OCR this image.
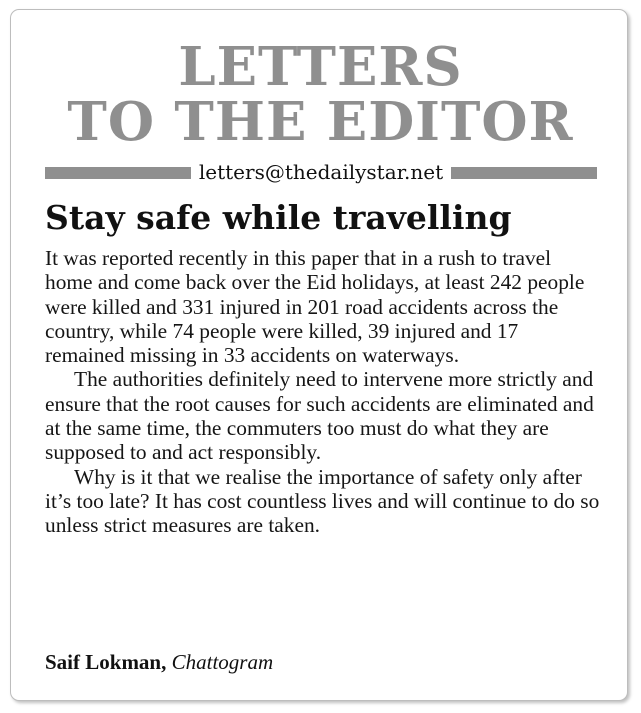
LETTERS
TO THE EDITOR
letters@thedailystar.net
Stay safe while travelling

It was reported recently in this paper that in a rush to travel home and come back over the Eid holidays, at least 242 people were killed and 331 injured in 201 road accidents across the country, while 74 people were killed, 39 injured and 17 remained missing in 33 accidents on waterways.

The authorities definitely need to intervene more strictly and ensure that the root causes for such accidents are eliminated and at the same time, the commuters too must do what they are supposed to and act responsibly.

Why is it that we realise the importance of safety only after it’s too late? It has cost countless lives and will continue to do so unless strict measures are taken.

Saif Lokman, Chattogram
